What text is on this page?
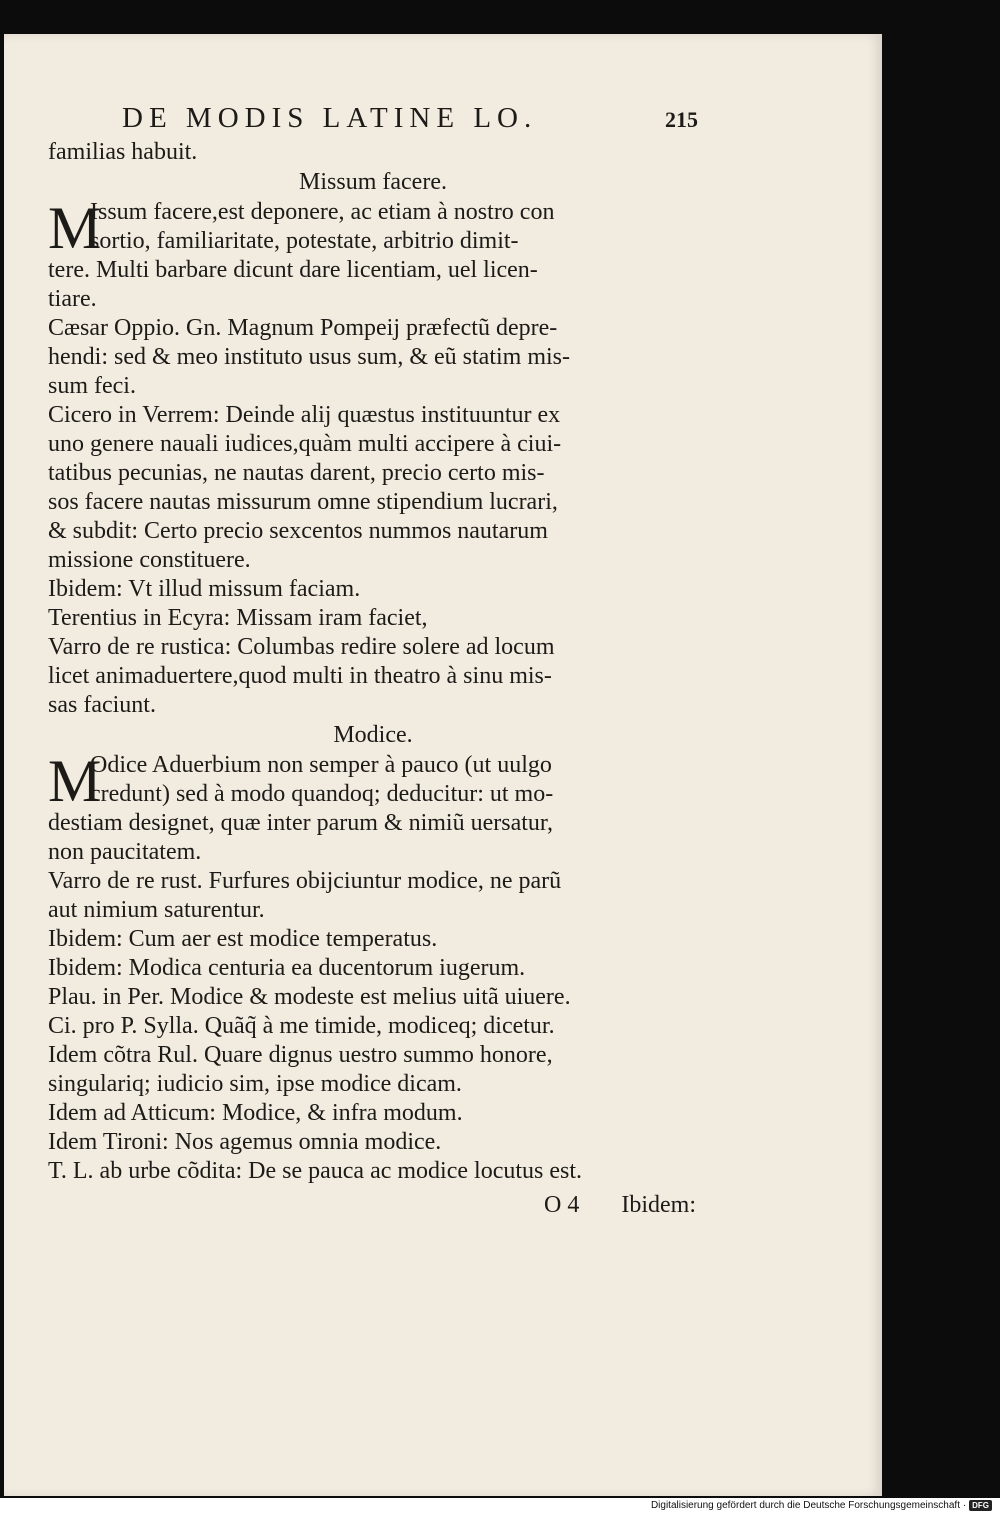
DE MODIS LATINE LO.	215
familias habuit.
Missum facere.
M
Issum facere,est deponere, ac etiam à nostro con
sortio, familiaritate, potestate, arbitrio dimit-
tere. Multi barbare dicunt dare licentiam, uel licen-
tiare.
Cæsar Oppio. Gn. Magnum Pompeij præfectũ depre-
hendi: sed & meo instituto usus sum, & eũ statim mis-
sum feci.
Cicero in Verrem: Deinde alij quæstus instituuntur ex
uno genere nauali iudices,quàm multi accipere à ciui-
tatibus pecunias, ne nautas darent, precio certo mis-
sos facere nautas missurum omne stipendium lucrari,
& subdit: Certo precio sexcentos nummos nautarum
missione constituere.
Ibidem: Vt illud missum faciam.
Terentius in Ecyra: Missam iram faciet,
Varro de re rustica: Columbas redire solere ad locum
licet animaduertere,quod multi in theatro à sinu mis-
sas faciunt.
Modice.
M
Odice Aduerbium non semper à pauco (ut uulgo
credunt) sed à modo quandoq; deducitur: ut mo-
destiam designet, quæ inter parum & nimiũ uersatur,
non paucitatem.
Varro de re rust. Furfures obijciuntur modice, ne parũ
aut nimium saturentur.
Ibidem: Cum aer est modice temperatus.
Ibidem: Modica centuria ea ducentorum iugerum.
Plau. in Per. Modice & modeste est melius uitã uiuere.
Ci. pro P. Sylla. Quãq̃ à me timide, modiceq; dicetur.
Idem cõtra Rul. Quare dignus uestro summo honore,
singulariq; iudicio sim, ipse modice dicam.
Idem ad Atticum: Modice, & infra modum.
Idem Tironi: Nos agemus omnia modice.
T. L. ab urbe cõdita: De se pauca ac modice locutus est.
O 4 Ibidem:
Digitalisierung gefördert durch die Deutsche Forschungsgemeinschaft · DFG
